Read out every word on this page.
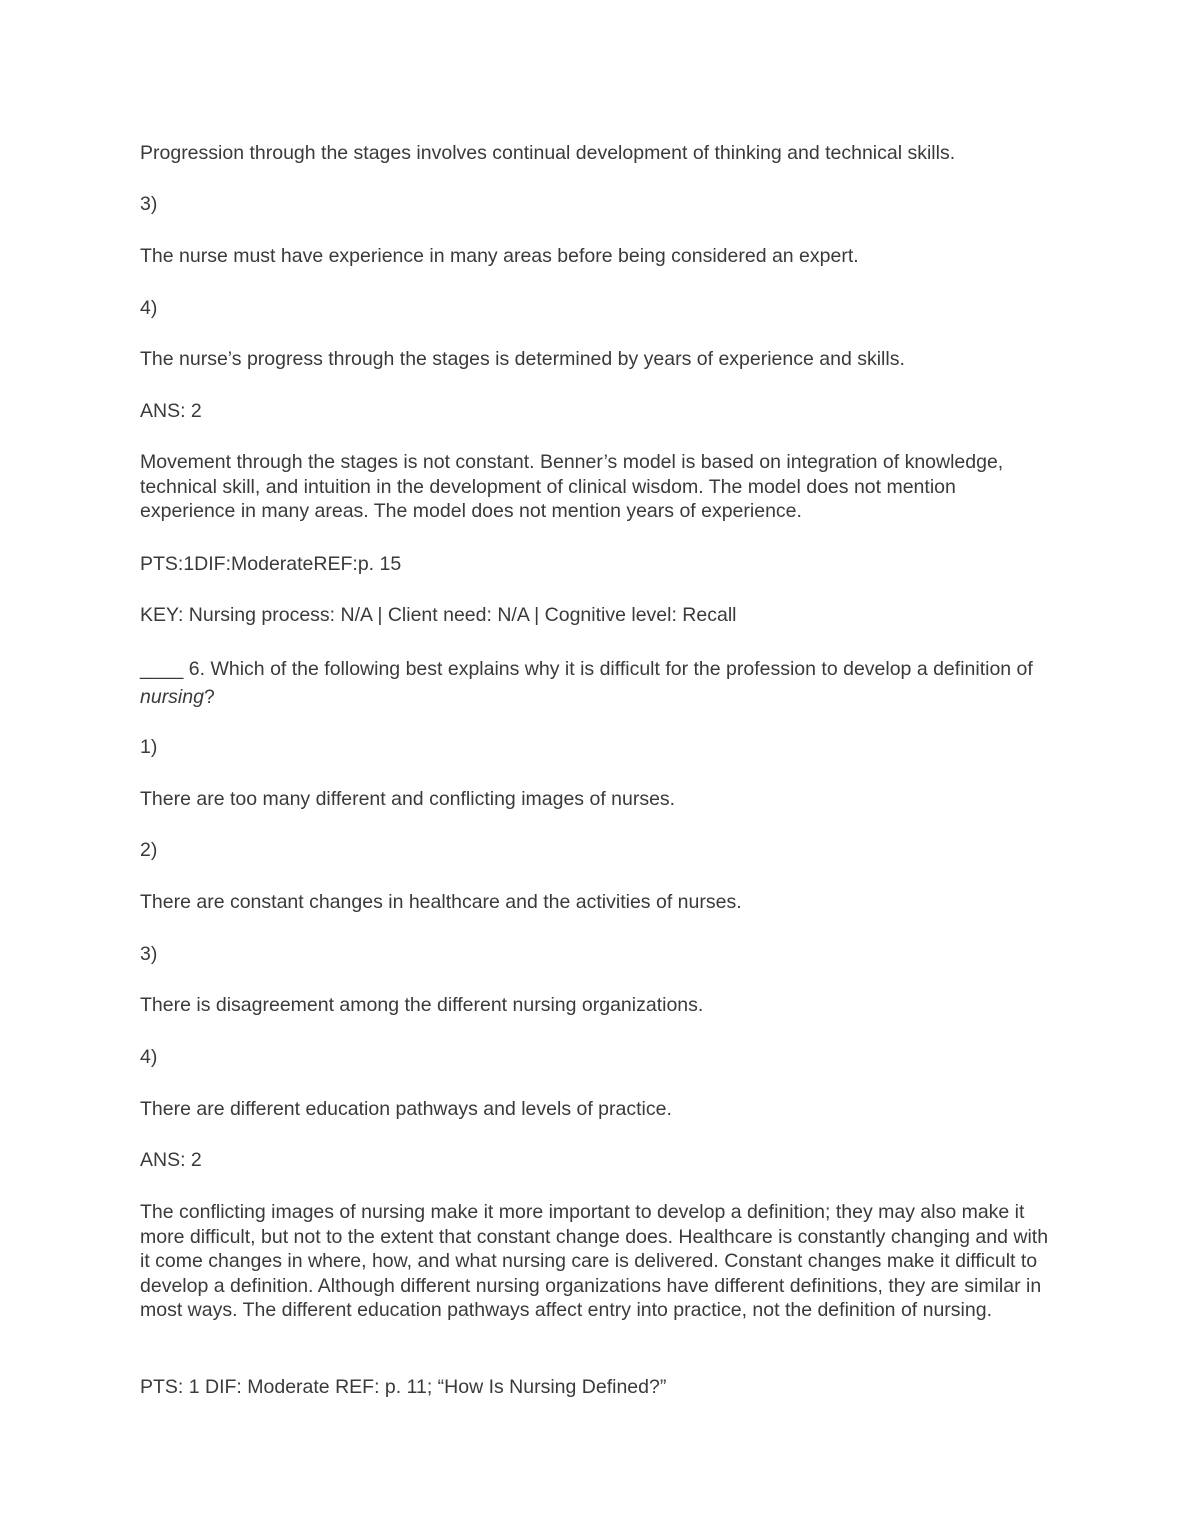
Progression through the stages involves continual development of thinking and technical skills.

3)

The nurse must have experience in many areas before being considered an expert.

4)

The nurse’s progress through the stages is determined by years of experience and skills.

ANS: 2

Movement through the stages is not constant. Benner’s model is based on integration of knowledge, technical skill, and intuition in the development of clinical wisdom. The model does not mention experience in many areas. The model does not mention years of experience.

PTS:1DIF:ModerateREF:p. 15

KEY: Nursing process: N/A | Client need: N/A | Cognitive level: Recall

____ 6. Which of the following best explains why it is difficult for the profession to develop a definition of nursing?

1)

There are too many different and conflicting images of nurses.

2)

There are constant changes in healthcare and the activities of nurses.

3)

There is disagreement among the different nursing organizations.

4)

There are different education pathways and levels of practice.

ANS: 2

The conflicting images of nursing make it more important to develop a definition; they may also make it more difficult, but not to the extent that constant change does. Healthcare is constantly changing and with it come changes in where, how, and what nursing care is delivered. Constant changes make it difficult to develop a definition. Although different nursing organizations have different definitions, they are similar in most ways. The different education pathways affect entry into practice, not the definition of nursing.

PTS: 1 DIF: Moderate REF: p. 11; “How Is Nursing Defined?”
